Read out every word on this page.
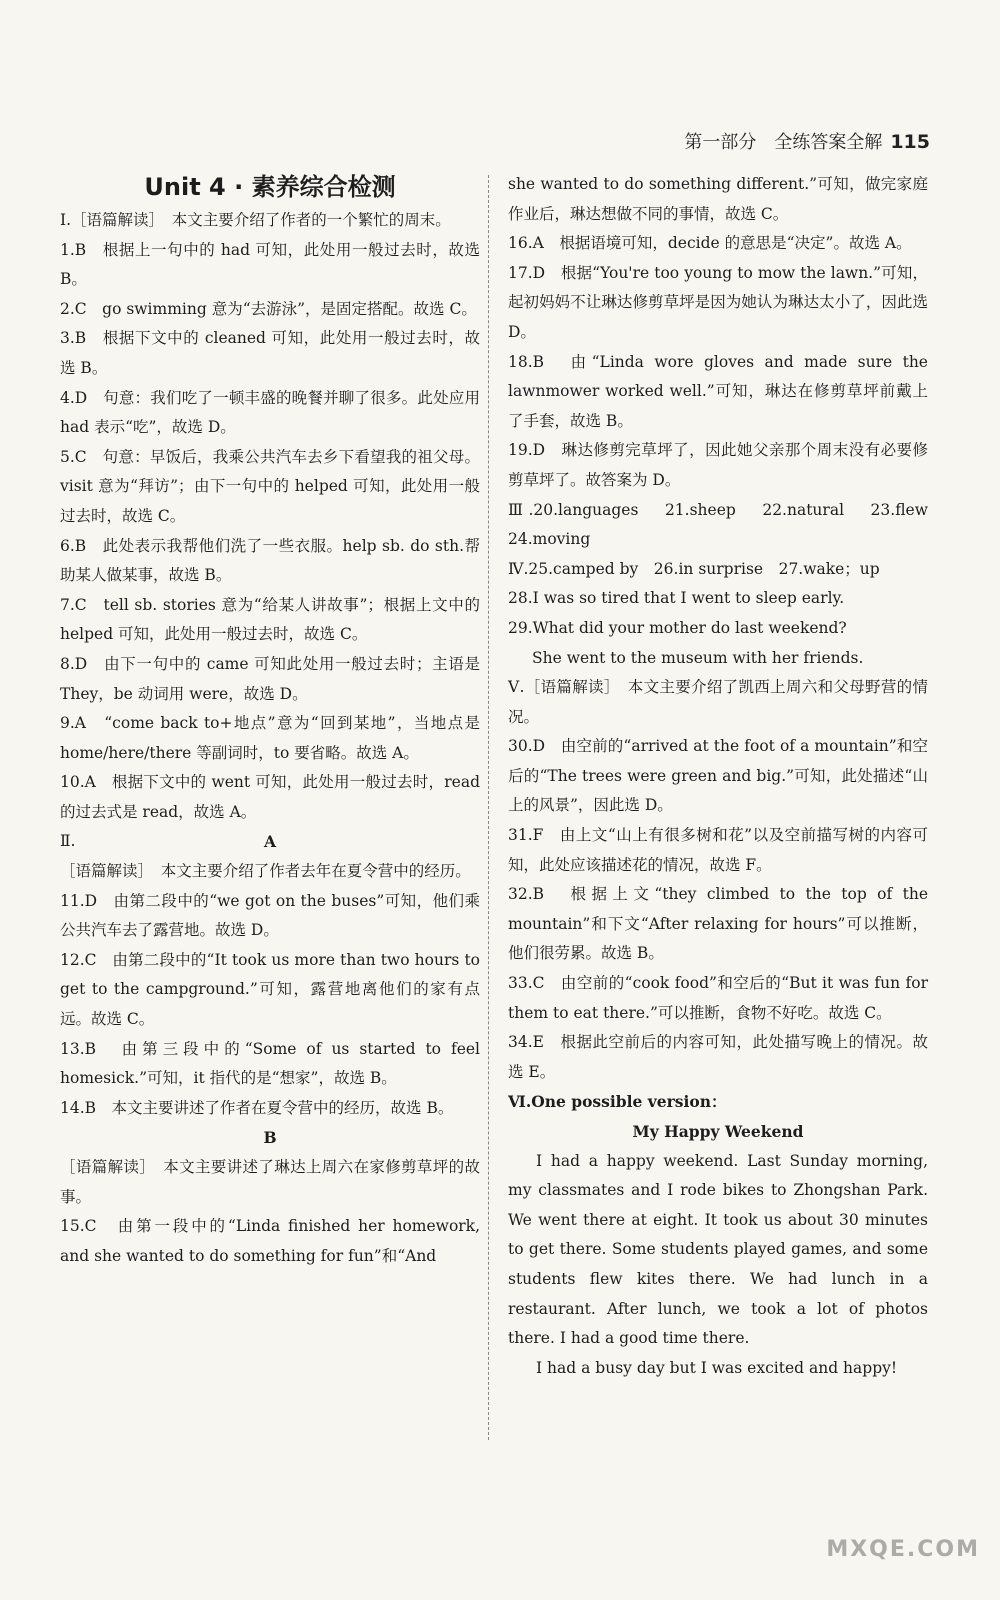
第一部分　全练答案全解 115
Unit 4 · 素养综合检测

Ⅰ.［语篇解读］　本文主要介绍了作者的一个繁忙的周末。

1.B　根据上一句中的 had 可知，此处用一般过去时，故选 B。

2.C　go swimming 意为“去游泳”，是固定搭配。故选 C。

3.B　根据下文中的 cleaned 可知，此处用一般过去时，故选 B。

4.D　句意：我们吃了一顿丰盛的晚餐并聊了很多。此处应用 had 表示“吃”，故选 D。

5.C　句意：早饭后，我乘公共汽车去乡下看望我的祖父母。visit 意为“拜访”；由下一句中的 helped 可知，此处用一般过去时，故选 C。

6.B　此处表示我帮他们洗了一些衣服。help sb. do sth.帮助某人做某事，故选 B。

7.C　tell sb. stories 意为“给某人讲故事”；根据上文中的 helped 可知，此处用一般过去时，故选 C。

8.D　由下一句中的 came 可知此处用一般过去时；主语是 They，be 动词用 were，故选 D。

9.A　“come back to+地点”意为“回到某地”，当地点是 home/here/there 等副词时，to 要省略。故选 A。

10.A　根据下文中的 went 可知，此处用一般过去时，read 的过去式是 read，故选 A。

Ⅱ.	A

［语篇解读］　本文主要介绍了作者去年在夏令营中的经历。

11.D　由第二段中的“we got on the buses”可知，他们乘公共汽车去了露营地。故选 D。

12.C　由第二段中的“It took us more than two hours to get to the campground.”可知，露营地离他们的家有点远。故选 C。

13.B　由第三段中的“Some of us started to feel homesick.”可知，it 指代的是“想家”，故选 B。

14.B　本文主要讲述了作者在夏令营中的经历，故选 B。

B

［语篇解读］　本文主要讲述了琳达上周六在家修剪草坪的故事。

15.C　由第一段中的“Linda finished her homework, and she wanted to do something for fun”和“And

she wanted to do something different.”可知，做完家庭作业后，琳达想做不同的事情，故选 C。

16.A　根据语境可知，decide 的意思是“决定”。故选 A。

17.D　根据“You're too young to mow the lawn.”可知，起初妈妈不让琳达修剪草坪是因为她认为琳达太小了，因此选 D。

18.B　由“Linda wore gloves and made sure the lawnmower worked well.”可知，琳达在修剪草坪前戴上了手套，故选 B。

19.D　琳达修剪完草坪了，因此她父亲那个周末没有必要修剪草坪了。故答案为 D。

Ⅲ.20.languages　21.sheep　22.natural　23.flew　24.moving

Ⅳ.25.camped by　26.in surprise　27.wake；up

28.I was so tired that I went to sleep early.

29.What did your mother do last weekend?

She went to the museum with her friends.

Ⅴ.［语篇解读］　本文主要介绍了凯西上周六和父母野营的情况。

30.D　由空前的“arrived at the foot of a mountain”和空后的“The trees were green and big.”可知，此处描述“山上的风景”，因此选 D。

31.F　由上文“山上有很多树和花”以及空前描写树的内容可知，此处应该描述花的情况，故选 F。

32.B　根据上文“they climbed to the top of the mountain”和下文“After relaxing for hours”可以推断，他们很劳累。故选 B。

33.C　由空前的“cook food”和空后的“But it was fun for them to eat there.”可以推断，食物不好吃。故选 C。

34.E　根据此空前后的内容可知，此处描写晚上的情况。故选 E。

Ⅵ.One possible version：

My Happy Weekend

I had a happy weekend. Last Sunday morning, my classmates and I rode bikes to Zhongshan Park. We went there at eight. It took us about 30 minutes to get there. Some students played games, and some students flew kites there. We had lunch in a restaurant. After lunch, we took a lot of photos there. I had a good time there.

I had a busy day but I was excited and happy!

MXQE.COM
